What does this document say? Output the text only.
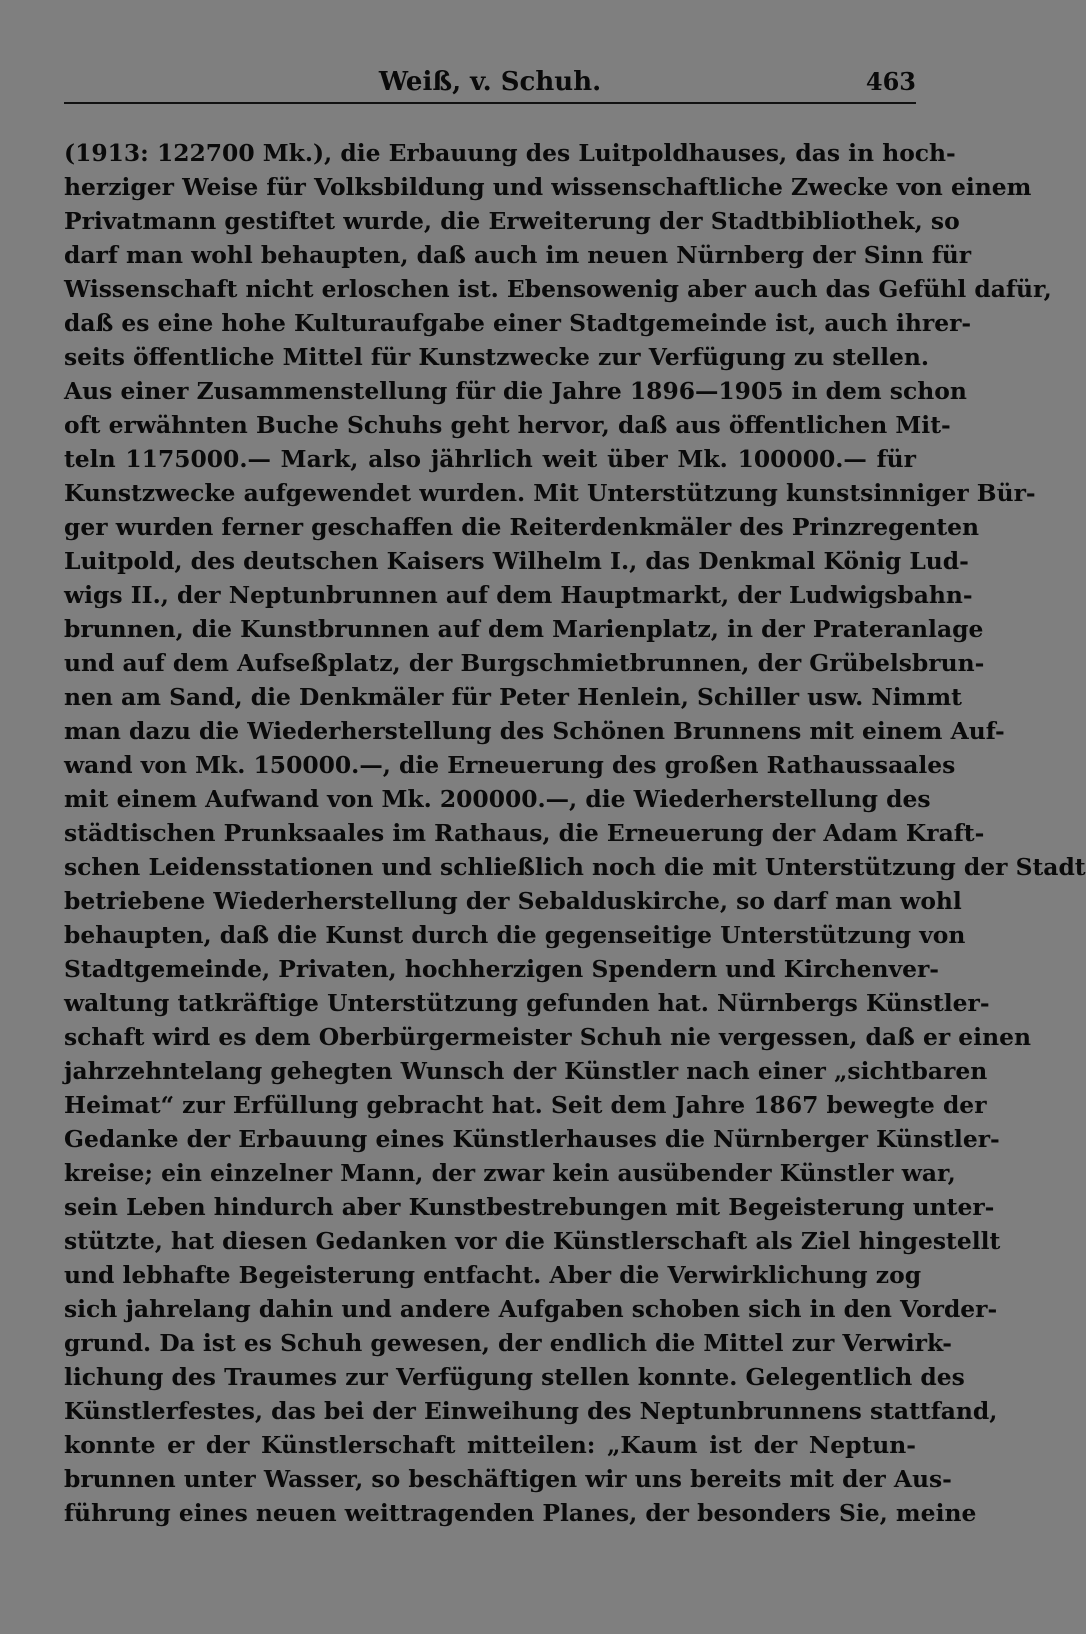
Weiß, v. Schuh.	463
(1913: 122700 Mk.), die Erbauung des Luitpoldhauses, das in hoch-
herziger Weise für Volksbildung und wissenschaftliche Zwecke von einem
Privatmann gestiftet wurde, die Erweiterung der Stadtbibliothek, so
darf man wohl behaupten, daß auch im neuen Nürnberg der Sinn für
Wissenschaft nicht erloschen ist. Ebensowenig aber auch das Gefühl dafür,
daß es eine hohe Kulturaufgabe einer Stadtgemeinde ist, auch ihrer-
seits öffentliche Mittel für Kunstzwecke zur Verfügung zu stellen.
Aus einer Zusammenstellung für die Jahre 1896—1905 in dem schon
oft erwähnten Buche Schuhs geht hervor, daß aus öffentlichen Mit-
teln 1175000.— Mark, also jährlich weit über Mk. 100000.— für
Kunstzwecke aufgewendet wurden. Mit Unterstützung kunstsinniger Bür-
ger wurden ferner geschaffen die Reiterdenkmäler des Prinzregenten
Luitpold, des deutschen Kaisers Wilhelm I., das Denkmal König Lud-
wigs II., der Neptunbrunnen auf dem Hauptmarkt, der Ludwigsbahn-
brunnen, die Kunstbrunnen auf dem Marienplatz, in der Prateranlage
und auf dem Aufseßplatz, der Burgschmietbrunnen, der Grübelsbrun-
nen am Sand, die Denkmäler für Peter Henlein, Schiller usw. Nimmt
man dazu die Wiederherstellung des Schönen Brunnens mit einem Auf-
wand von Mk. 150000.—, die Erneuerung des großen Rathaussaales
mit einem Aufwand von Mk. 200000.—, die Wiederherstellung des
städtischen Prunksaales im Rathaus, die Erneuerung der Adam Kraft-
schen Leidensstationen und schließlich noch die mit Unterstützung der Stadt
betriebene Wiederherstellung der Sebalduskirche, so darf man wohl
behaupten, daß die Kunst durch die gegenseitige Unterstützung von
Stadtgemeinde, Privaten, hochherzigen Spendern und Kirchenver-
waltung tatkräftige Unterstützung gefunden hat. Nürnbergs Künstler-
schaft wird es dem Oberbürgermeister Schuh nie vergessen, daß er einen
jahrzehntelang gehegten Wunsch der Künstler nach einer „sichtbaren
Heimat“ zur Erfüllung gebracht hat. Seit dem Jahre 1867 bewegte der
Gedanke der Erbauung eines Künstlerhauses die Nürnberger Künstler-
kreise; ein einzelner Mann, der zwar kein ausübender Künstler war,
sein Leben hindurch aber Kunstbestrebungen mit Begeisterung unter-
stützte, hat diesen Gedanken vor die Künstlerschaft als Ziel hingestellt
und lebhafte Begeisterung entfacht. Aber die Verwirklichung zog
sich jahrelang dahin und andere Aufgaben schoben sich in den Vorder-
grund. Da ist es Schuh gewesen, der endlich die Mittel zur Verwirk-
lichung des Traumes zur Verfügung stellen konnte. Gelegentlich des
Künstlerfestes, das bei der Einweihung des Neptunbrunnens stattfand,
konnte er der Künstlerschaft mitteilen: „Kaum ist der Neptun-
brunnen unter Wasser, so beschäftigen wir uns bereits mit der Aus-
führung eines neuen weittragenden Planes, der besonders Sie, meine
